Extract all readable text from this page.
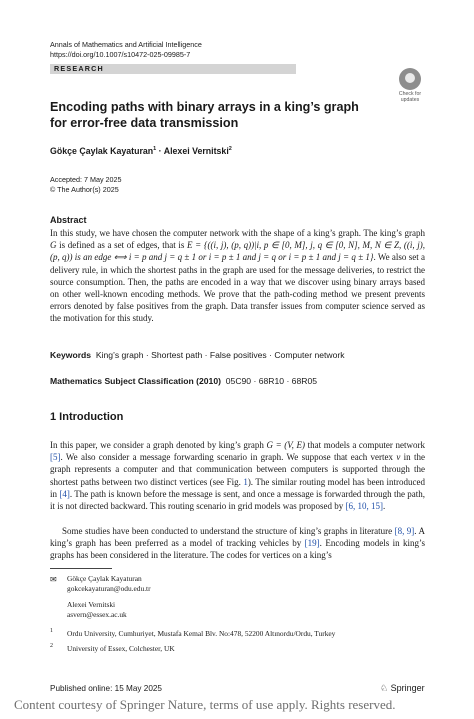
Annals of Mathematics and Artificial Intelligence
https://doi.org/10.1007/s10472-025-09985-7
RESEARCH
Check for
updates
Encoding paths with binary arrays in a king’s graph
for error-free data transmission
Gökçe Çaylak Kayaturan$^1$ · Alexei Vernitski$^2$
Accepted: 7 May 2025
© The Author(s) 2025
Abstract
In this study, we have chosen the computer network with the shape of a king’s graph. The king’s graph G is defined as a set of edges, that is E = {((i, j), (p, q))|i, p ∈ [0, M], j, q ∈ [0, N], M, N ∈ Z, ((i, j), (p, q)) is an edge ⟺ i = p and j = q ± 1 or i = p ± 1 and j = q or i = p ± 1 and j = q ± 1}. We also set a delivery rule, in which the shortest paths in the graph are used for the message deliveries, to restrict the source consumption. Then, the paths are encoded in a way that we discover using binary arrays based on other well-known encoding methods. We prove that the path-coding method we present prevents errors denoted by false positives from the graph. Data transfer issues from computer science served as the motivation for this study.
Keywords King’s graph · Shortest path · False positives · Computer network
Mathematics Subject Classification (2010) 05C90 · 68R10 · 68R05
1 Introduction
In this paper, we consider a graph denoted by king’s graph G = (V, E) that models a computer network [5]. We also consider a message forwarding scenario in graph. We suppose that each vertex v in the graph represents a computer and that communication between computers is supported through the shortest paths between two distinct vertices (see Fig. 1). The similar routing model has been introduced in [4]. The path is known before the message is sent, and once a message is forwarded through the path, it is not directed backward. This routing scenario in grid models was proposed by [6, 10, 15].
Some studies have been conducted to understand the structure of king’s graphs in literature [8, 9]. A king’s graph has been preferred as a model of tracking vehicles by [19]. Encoding models in king’s graphs has been considered in the literature. The codes for vertices on a king’s
✉ Gökçe Çaylak Kayaturan
gokcekayaturan@odu.edu.tr
Alexei Vernitski
asvern@essex.ac.uk
1 Ordu University, Cumhuriyet, Mustafa Kemal Blv. No:478, 52200 Altınordu/Ordu, Turkey
2 University of Essex, Colchester, UK
Published online: 15 May 2025	♘ Springer
Content courtesy of Springer Nature, terms of use apply. Rights reserved.
